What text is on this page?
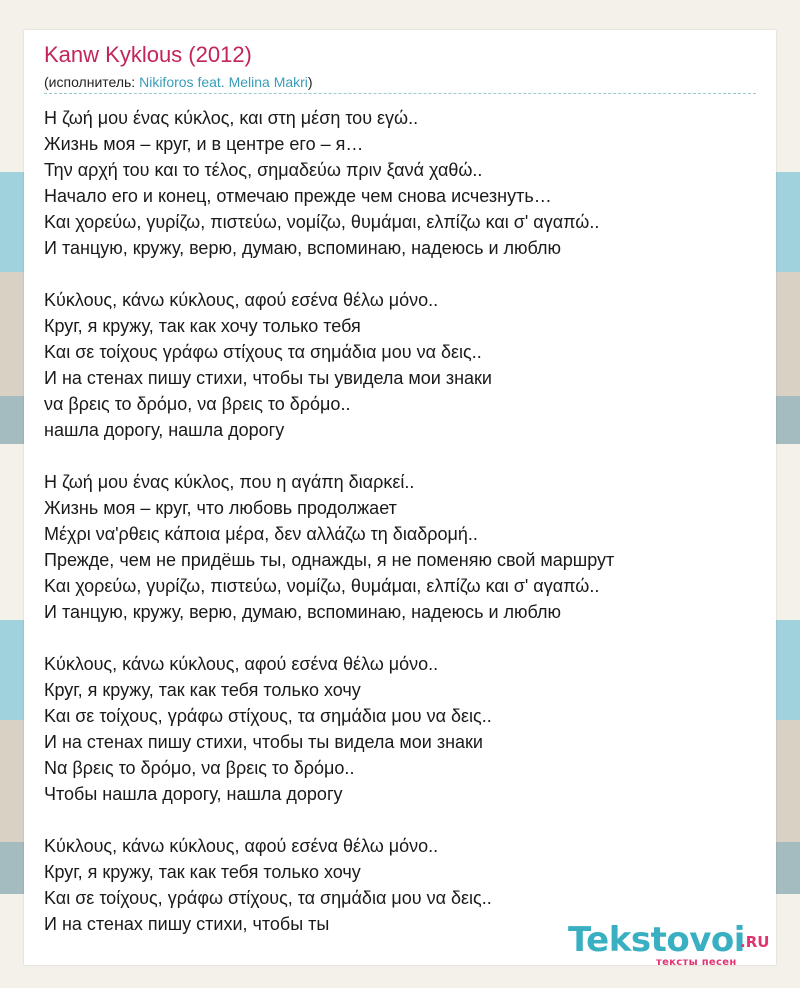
Kanw Kyklous (2012)
(исполнитель: Nikiforos feat. Melina Makri)
Η ζωή μου ένας κύκλος, και στη μέση του εγώ..
Жизнь моя – круг, и в центре его – я…
Την αρχή του και το τέλος, σημαδεύω πριν ξανά χαθώ..
Начало его и конец, отмечаю прежде чем снова исчезнуть…
Και χορεύω, γυρίζω, πιστεύω, νομίζω, θυμάμαι, ελπίζω και σ' αγαπώ..
И танцую, кружу, верю, думаю, вспоминаю, надеюсь и люблю
Κύκλους, κάνω κύκλους, αφού εσένα θέλω μόνο..
Круг, я кружу, так как хочу только тебя
Και σε τοίχους γράφω στίχους τα σημάδια μου να δεις..
И на стенах пишу стихи, чтобы ты увидела мои знаки
να βρεις το δρόμο, να βρεις το δρόμο..
нашла дорогу, нашла дорогу
Η ζωή μου ένας κύκλος, που η αγάπη διαρκεί..
Жизнь моя – круг, что любовь продолжает
Μέχρι να'ρθεις κάποια μέρα, δεν αλλάζω τη διαδρομή..
Прежде, чем не придёшь ты, однажды, я не поменяю свой маршрут
Και χορεύω, γυρίζω, πιστεύω, νομίζω, θυμάμαι, ελπίζω και σ' αγαπώ..
И танцую, кружу, верю, думаю, вспоминаю, надеюсь и люблю
Κύκλους, κάνω κύκλους, αφού εσένα θέλω μόνο..
Круг, я кружу, так как тебя только хочу
Και σε τοίχους, γράφω στίχους, τα σημάδια μου να δεις..
И на стенах пишу стихи, чтобы ты видела мои знаки
Να βρεις το δρόμο, να βρεις το δρόμο..
Чтобы нашла дорогу, нашла дорогу
Κύκλους, κάνω κύκλους, αφού εσένα θέλω μόνο..
Круг, я кружу, так как тебя только хочу
Και σε τοίχους, γράφω στίχους, τα σημάδια μου να δεις..
И на стенах пишу стихи, чтобы ты	Tekstovoi
.RU
тексты песен
